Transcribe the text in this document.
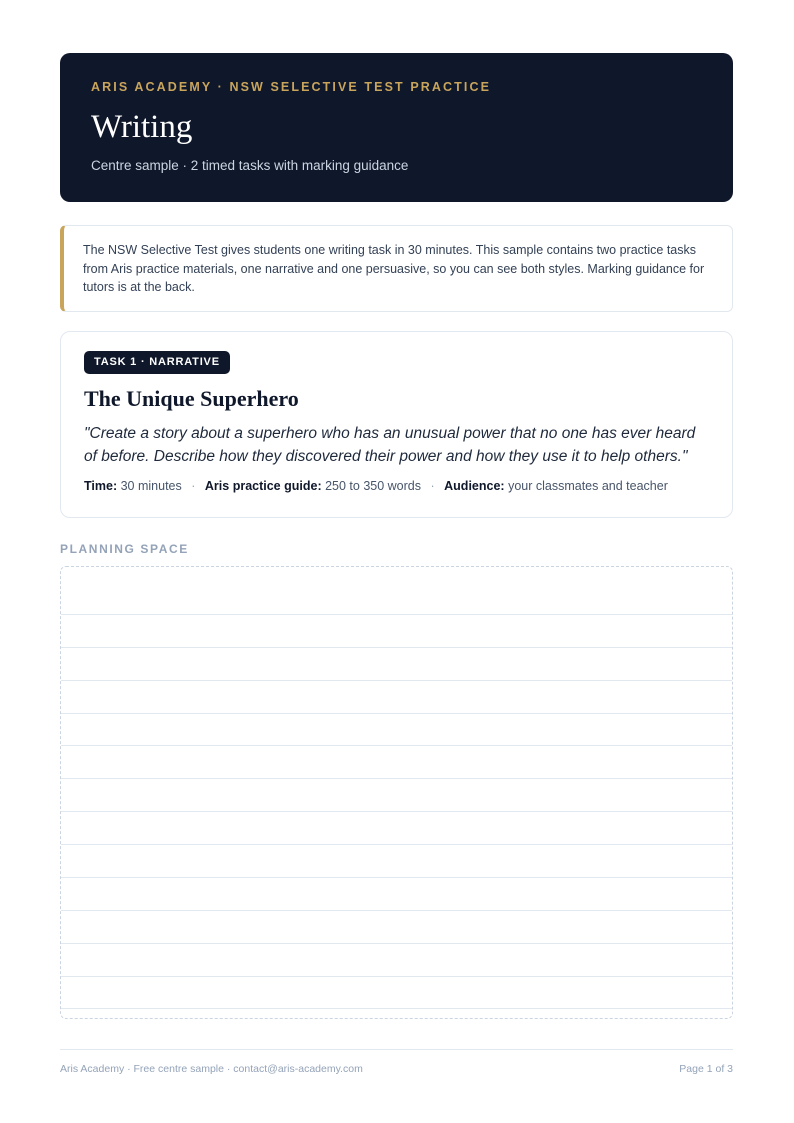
ARIS ACADEMY · NSW SELECTIVE TEST PRACTICE
Writing
Centre sample · 2 timed tasks with marking guidance
The NSW Selective Test gives students one writing task in 30 minutes. This sample contains two practice tasks from Aris practice materials, one narrative and one persuasive, so you can see both styles. Marking guidance for tutors is at the back.
TASK 1 · NARRATIVE
The Unique Superhero
"Create a story about a superhero who has an unusual power that no one has ever heard of before. Describe how they discovered their power and how they use it to help others."
Time: 30 minutes · Aris practice guide: 250 to 350 words · Audience: your classmates and teacher
PLANNING SPACE
Aris Academy · Free centre sample · contact@aris-academy.com	Page 1 of 3
